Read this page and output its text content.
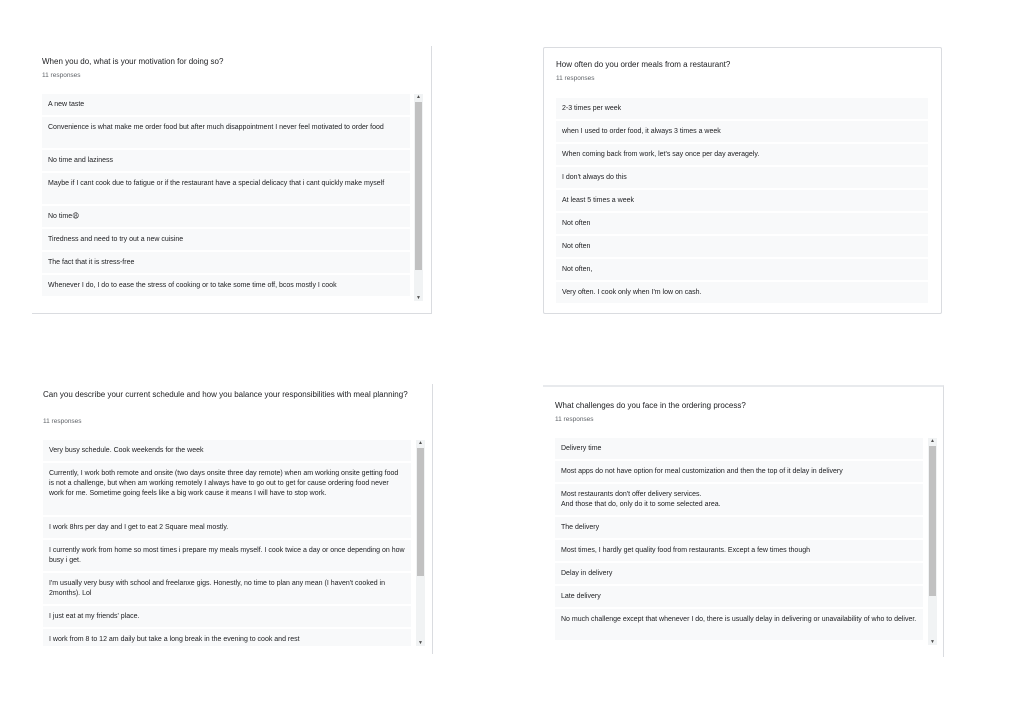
When you do, what is your motivation for doing so?
11 responses
A new taste
Convenience is what make me order food but after much disappointment I never feel motivated to order food
No time and laziness
Maybe if I cant cook due to fatigue or if the restaurant have a special delicacy that i cant quickly make myself
No time😩
Tiredness and need to try out a new cuisine
The fact that it is stress-free
Whenever I do, I do to ease the stress of cooking or to take some time off, bcos mostly I cook
▲
▼
How often do you order meals from a restaurant?
11 responses
2-3 times per week
when I used to order food, it always 3 times a week
When coming back from work, let's say once per day averagely.
I don't always do this
At least 5 times a week
Not often
Not often
Not often,
Very often. I cook only when I'm low on cash.
Can you describe your current schedule and how you balance your responsibilities with meal planning?
11 responses
Very busy schedule. Cook weekends for the week
Currently, I work both remote and onsite (two days onsite three day remote) when am working onsite getting food is not a challenge, but when am working remotely I always have to go out to get for cause ordering food never work for me. Sometime going feels like a big work cause it means I will have to stop work.
I work 8hrs per day and I get to eat 2 Square meal mostly.
I currently work from home so most times i prepare my meals myself. I cook twice a day or once depending on how busy i get.
I'm usually very busy with school and freelanxe gigs. Honestly, no time to plan any mean (I haven't cooked in 2months). Lol
I just eat at my friends' place.
I work from 8 to 12 am daily but take a long break in the evening to cook and rest
▲
▼
What challenges do you face in the ordering process?
11 responses
Delivery time
Most apps do not have option for meal customization and then the top of it delay in delivery
Most restaurants don't offer delivery services.
And those that do, only do it to some selected area.
The delivery
Most times, I hardly get quality food from restaurants. Except a few times though
Delay in delivery
Late delivery
No much challenge except that whenever I do, there is usually delay in delivering or unavailability of who to deliver.
▲
▼
